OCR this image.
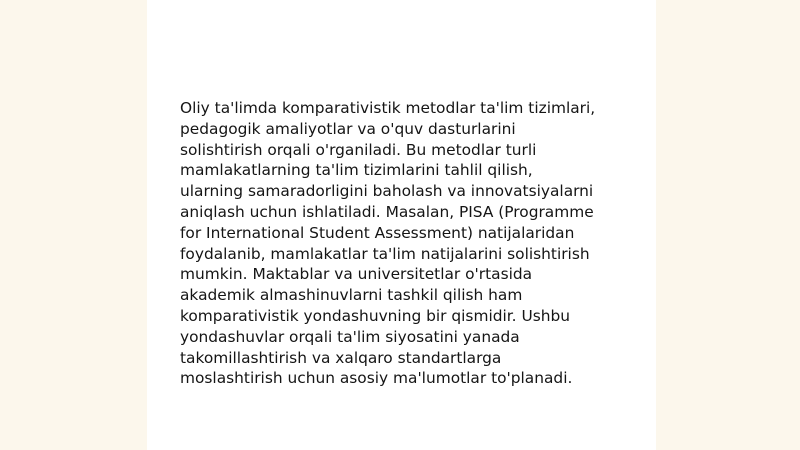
Oliy ta'limda komparativistik metodlar ta'lim tizimlari,
pedagogik amaliyotlar va o'quv dasturlarini
solishtirish orqali o'rganiladi. Bu metodlar turli
mamlakatlarning ta'lim tizimlarini tahlil qilish,
ularning samaradorligini baholash va innovatsiyalarni
aniqlash uchun ishlatiladi. Masalan, PISA (Programme
for International Student Assessment) natijalaridan
foydalanib, mamlakatlar ta'lim natijalarini solishtirish
mumkin. Maktablar va universitetlar o'rtasida
akademik almashinuvlarni tashkil qilish ham
komparativistik yondashuvning bir qismidir. Ushbu
yondashuvlar orqali ta'lim siyosatini yanada
takomillashtirish va xalqaro standartlarga
moslashtirish uchun asosiy ma'lumotlar to'planadi.
